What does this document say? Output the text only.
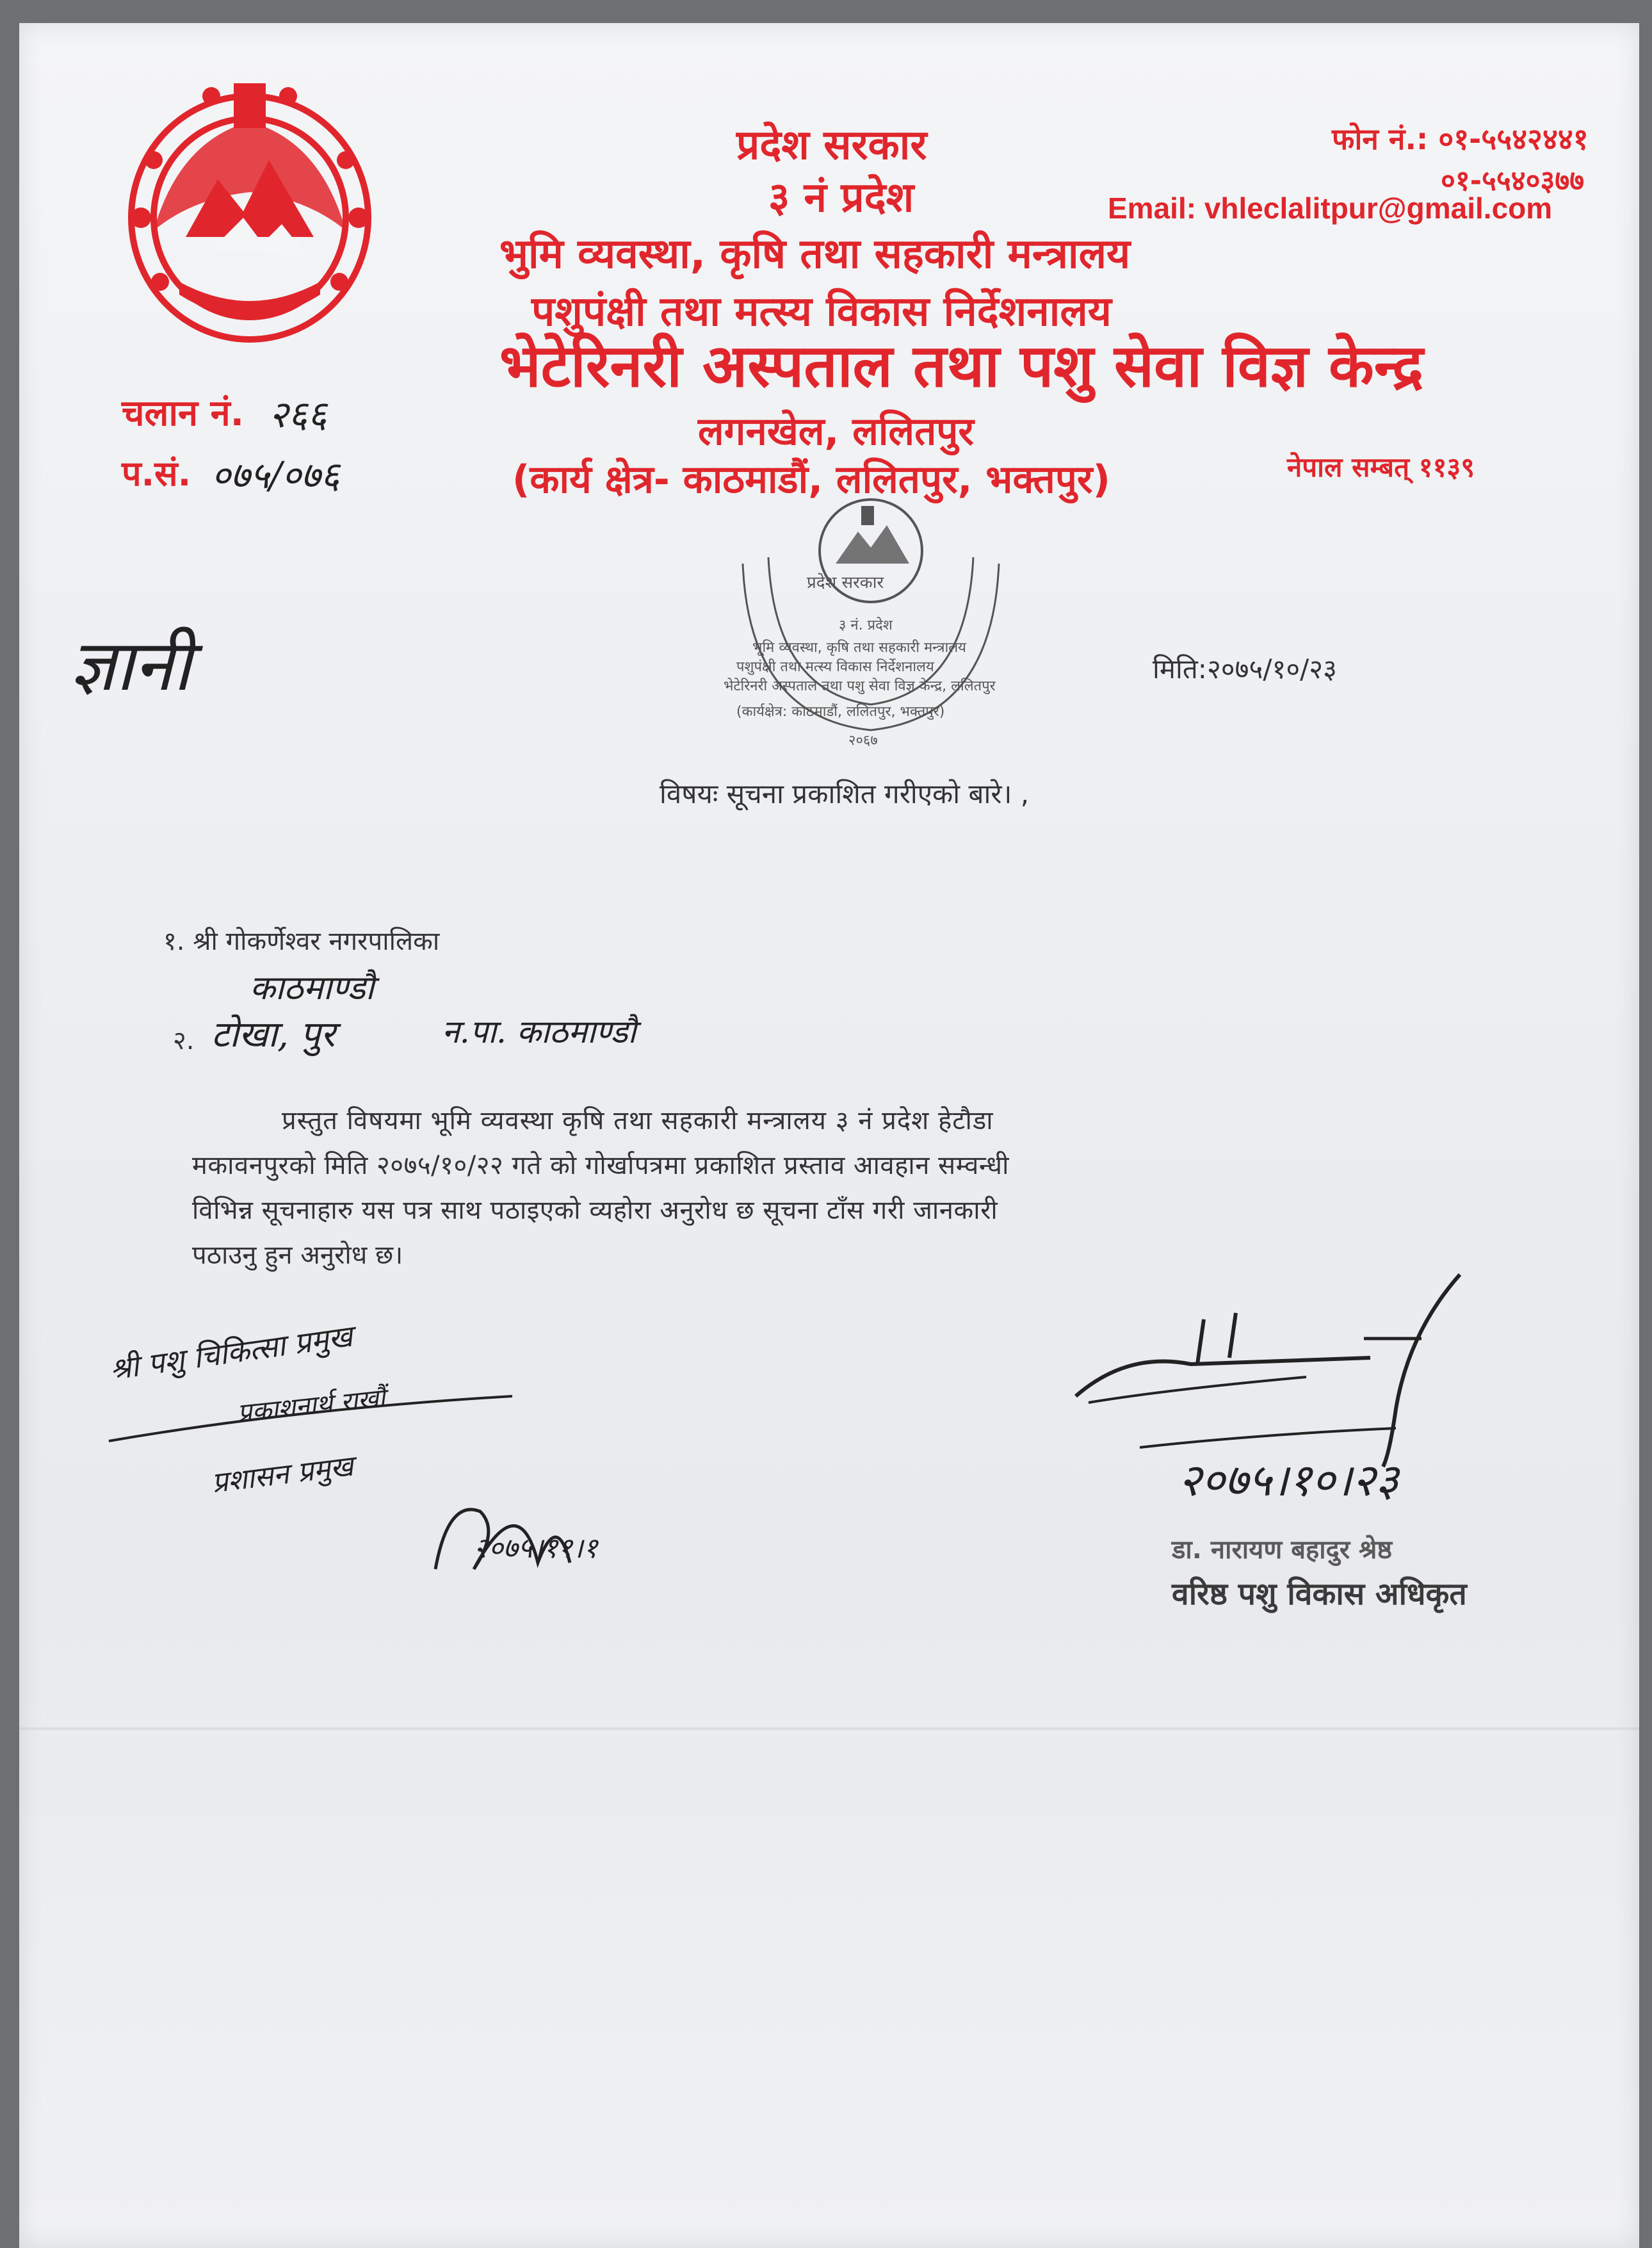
प्रदेश सरकार
३ नं प्रदेश
भुमि व्यवस्था, कृषि तथा सहकारी मन्त्रालय
पशुपंक्षी तथा मत्स्य विकास निर्देशनालय
भेटेरिनरी अस्पताल तथा पशु सेवा विज्ञ केन्द्र
लगनखेल, ललितपुर
(कार्य क्षेत्र- काठमाडौं, ललितपुर, भक्तपुर)
फोन नं.: ०१-५५४२४४१
०१-५५४०३७७
Email: vhleclalitpur@gmail.com
चलान नं. २६६
प.सं. ०७५/०७६	नेपाल सम्बत् ११३९
प्रदेश सरकार
३ नं. प्रदेश
भूमि व्यवस्था, कृषि तथा सहकारी मन्त्रालय
पशुपंक्षी तथा मत्स्य विकास निर्देशनालय
भेटेरिनरी अस्पताल तथा पशु सेवा विज्ञ केन्द्र, ललितपुर
(कार्यक्षेत्र: काठमाडौं, ललितपुर, भक्तपुर)
२०६७
ज्ञानी	मिति:२०७५/१०/२३
विषयः सूचना प्रकाशित गरीएको बारे। ,
१. श्री गोकर्णेश्वर नगरपालिका
काठमाण्डौ
२. टोखा, पुर	न.पा. काठमाण्डौ
प्रस्तुत विषयमा भूमि व्यवस्था कृषि तथा सहकारी मन्त्रालय ३ नं प्रदेश हेटौडा
मकावनपुरको मिति २०७५/१०/२२ गते को गोर्खापत्रमा प्रकाशित प्रस्ताव आवहान सम्वन्धी
विभिन्न सूचनाहारु यस पत्र साथ पठाइएको व्यहोरा अनुरोध छ सूचना टाँस गरी जानकारी
पठाउनु हुन अनुरोध छ।
श्री पशु चिकित्सा प्रमुख
प्रकाशनार्थ राखौं
प्रशासन प्रमुख
२०७५।११।१
२०७५।१०।२३
डा. नारायण बहादुर श्रेष्ठ
वरिष्ठ पशु विकास अधिकृत
